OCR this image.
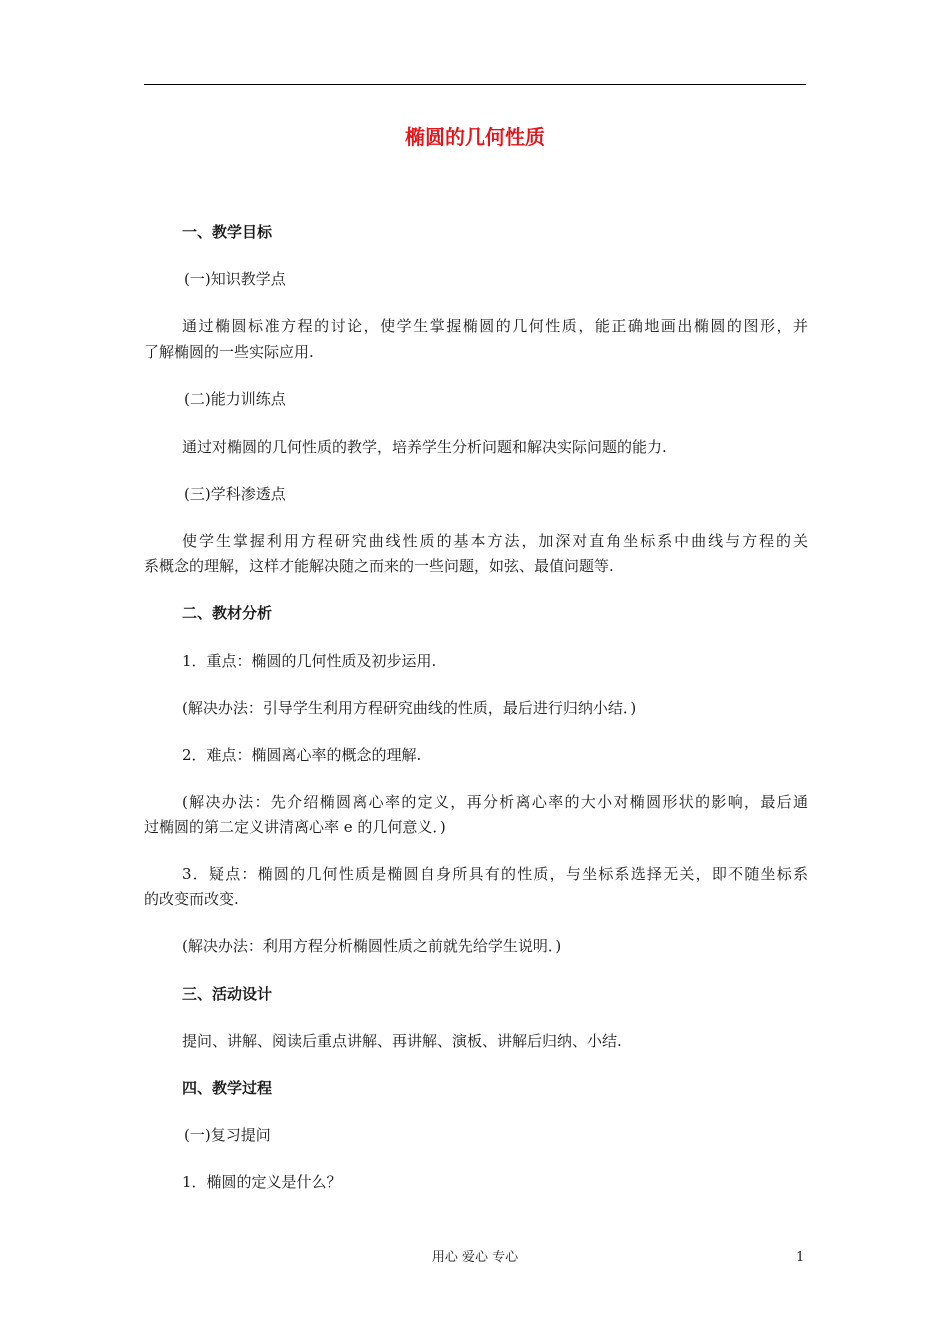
椭圆的几何性质
一、教学目标
(一)知识教学点
通过椭圆标准方程的讨论，使学生掌握椭圆的几何性质，能正确地画出椭圆的图形，并
了解椭圆的一些实际应用.
(二)能力训练点
通过对椭圆的几何性质的教学，培养学生分析问题和解决实际问题的能力.
(三)学科渗透点
使学生掌握利用方程研究曲线性质的基本方法，加深对直角坐标系中曲线与方程的关
系概念的理解，这样才能解决随之而来的一些问题，如弦、最值问题等.
二、教材分析
1．重点：椭圆的几何性质及初步运用.
(解决办法：引导学生利用方程研究曲线的性质，最后进行归纳小结．)
2．难点：椭圆离心率的概念的理解.
(解决办法：先介绍椭圆离心率的定义，再分析离心率的大小对椭圆形状的影响，最后通
过椭圆的第二定义讲清离心率 e 的几何意义．)
3．疑点：椭圆的几何性质是椭圆自身所具有的性质，与坐标系选择无关，即不随坐标系
的改变而改变.
(解决办法：利用方程分析椭圆性质之前就先给学生说明．)
三、活动设计
提问、讲解、阅读后重点讲解、再讲解、演板、讲解后归纳、小结.
四、教学过程
(一)复习提问
1．椭圆的定义是什么？
用心 爱心 专心	1
